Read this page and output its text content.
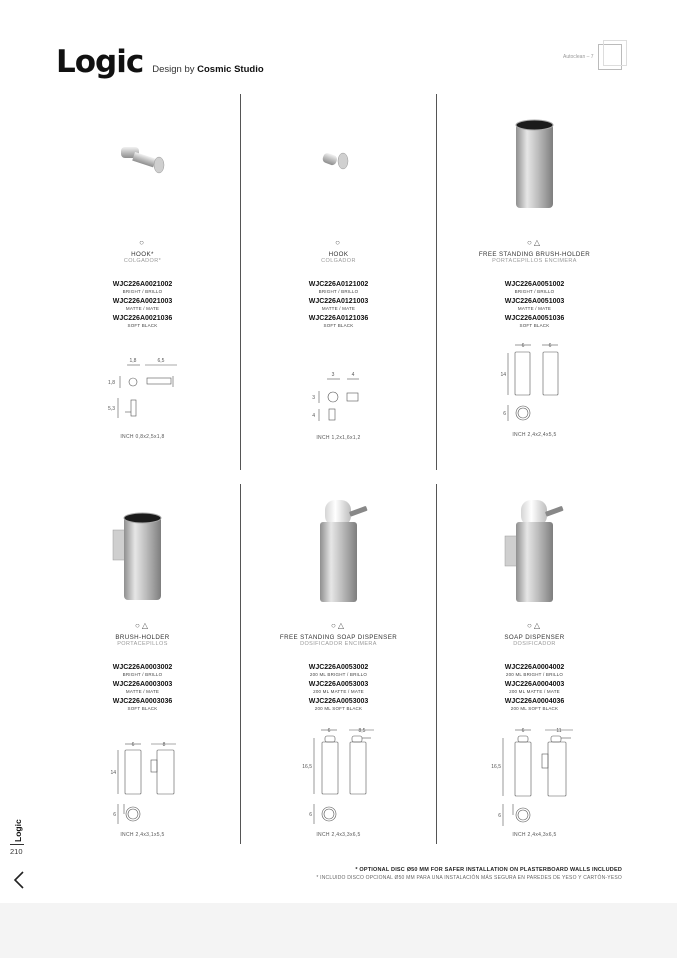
Logic Design by Cosmic Studio
Autoclean – 7
○
HOOK*
COLGADOR*
WJC226A0021002
BRIGHT / BRILLO
WJC226A0021003
MATTE / MATE
WJC226A0021036
SOFT BLACK
1,8	6,5
1,8
5,3
INCH 0,8x2,5x1,8
○
HOOK
COLGADOR
WJC226A0121002
BRIGHT / BRILLO
WJC226A0121003
MATTE / MATE
WJC226A0121036
SOFT BLACK
3	4
3
4
INCH 1,2x1,6x1,2
○△
FREE STANDING BRUSH-HOLDER
PORTACEPILLOS ENCIMERA
WJC226A0051002
BRIGHT / BRILLO
WJC226A0051003
MATTE / MATE
WJC226A0051036
SOFT BLACK
6	6
14
6
INCH 2,4x2,4x5,5
○△
BRUSH-HOLDER
PORTACEPILLOS
WJC226A0003002
BRIGHT / BRILLO
WJC226A0003003
MATTE / MATE
WJC226A0003036
SOFT BLACK
6	8
14
6
INCH 2,4x3,1x5,5
○△
FREE STANDING SOAP DISPENSER
DOSIFICADOR ENCIMERA
WJC226A0053002
200 ML BRIGHT / BRILLO
WJC226A0053003
200 ML MATTE / MATE
WJC226A0053003
200 ML SOFT BLACK
6	8,5
16,5
6
INCH 2,4x3,3x6,5
○△
SOAP DISPENSER
DOSIFICADOR
WJC226A0004002
200 ML BRIGHT / BRILLO
WJC226A0004003
200 ML MATTE / MATE
WJC226A0004036
200 ML SOFT BLACK
6	11
16,5
6
INCH 2,4x4,3x6,5
Logic
210
* OPTIONAL DISC Ø50 MM FOR SAFER INSTALLATION ON PLASTERBOARD WALLS INCLUDED
* INCLUIDO DISCO OPCIONAL Ø50 MM PARA UNA INSTALACIÓN MÁS SEGURA EN PAREDES DE YESO Y CARTÓN-YESO
